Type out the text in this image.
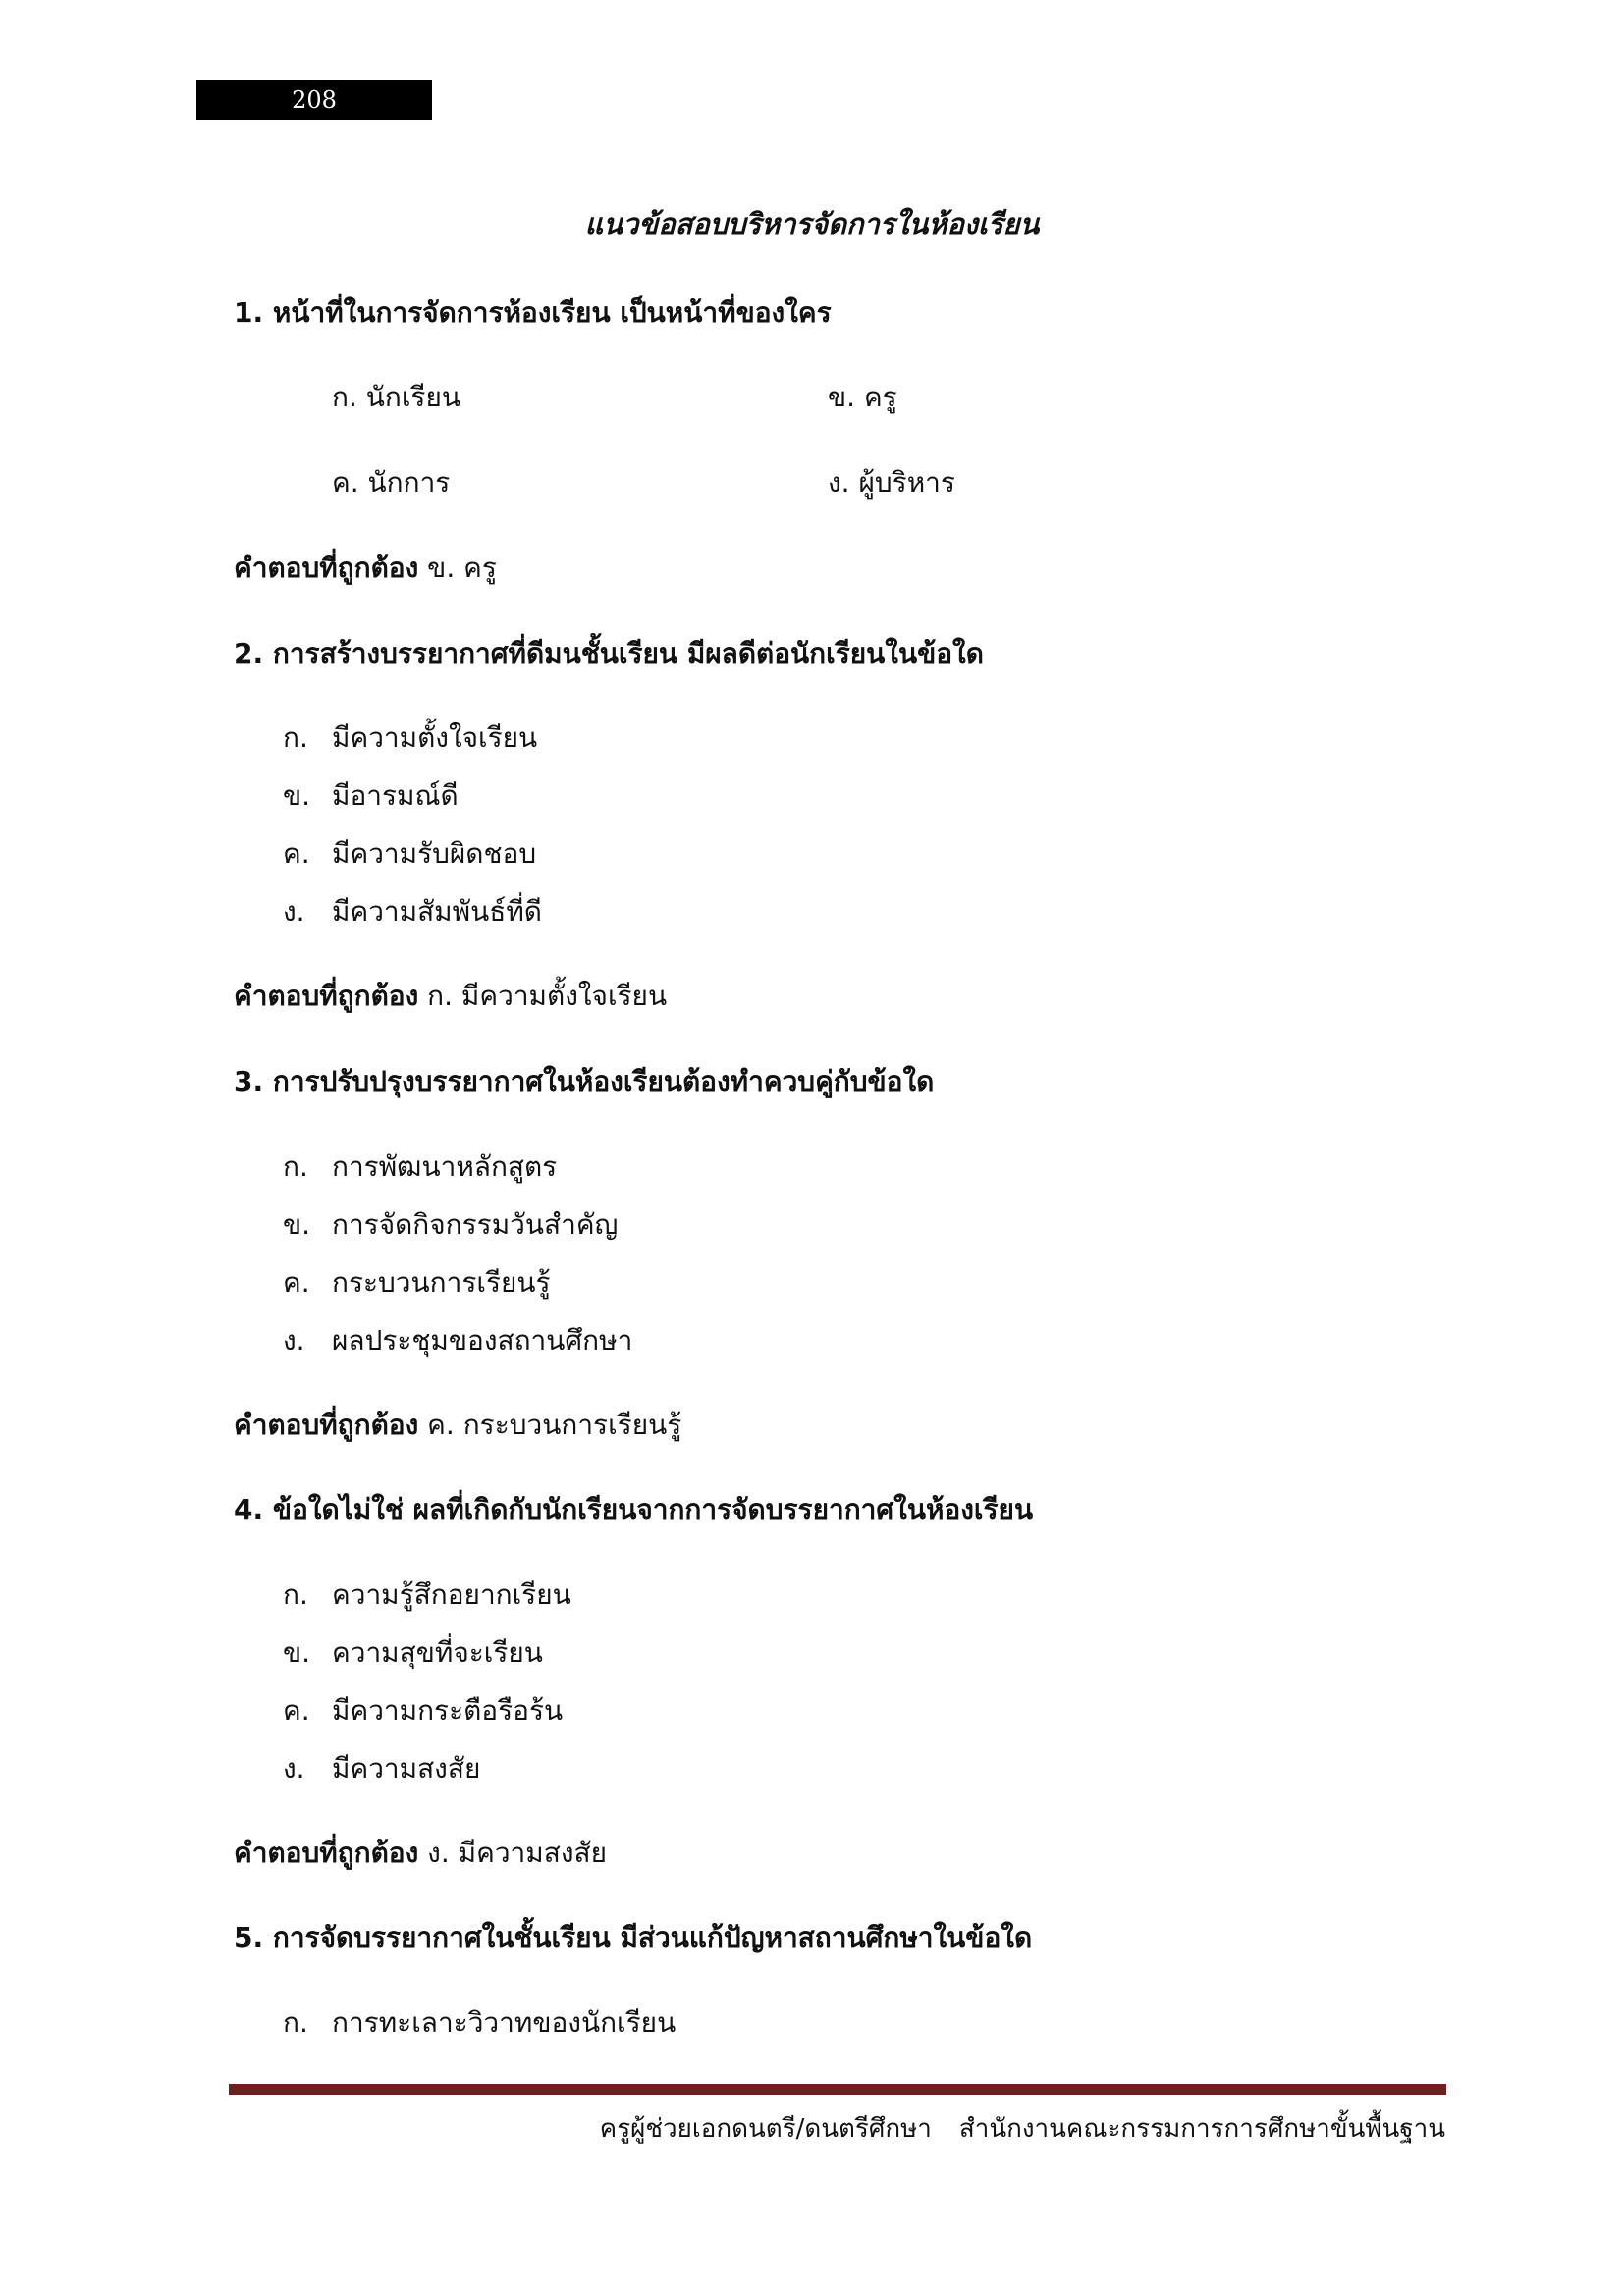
208
แนวข้อสอบบริหารจัดการในห้องเรียน
1. หน้าที่ในการจัดการห้องเรียน เป็นหน้าที่ของใคร
ก. นักเรียน	ข. ครู
ค. นักการ	ง. ผู้บริหาร
คำตอบที่ถูกต้อง ข. ครู
2. การสร้างบรรยากาศที่ดีมนชั้นเรียน มีผลดีต่อนักเรียนในข้อใด
ก. มีความตั้งใจเรียน
ข. มีอารมณ์ดี
ค. มีความรับผิดชอบ
ง. มีความสัมพันธ์ที่ดี
คำตอบที่ถูกต้อง ก. มีความตั้งใจเรียน
3. การปรับปรุงบรรยากาศในห้องเรียนต้องทำควบคู่กับข้อใด
ก. การพัฒนาหลักสูตร
ข. การจัดกิจกรรมวันสำคัญ
ค. กระบวนการเรียนรู้
ง. ผลประชุมของสถานศึกษา
คำตอบที่ถูกต้อง ค. กระบวนการเรียนรู้
4. ข้อใดไม่ใช่ ผลที่เกิดกับนักเรียนจากการจัดบรรยากาศในห้องเรียน
ก. ความรู้สึกอยากเรียน
ข. ความสุขที่จะเรียน
ค. มีความกระตือรือร้น
ง. มีความสงสัย
คำตอบที่ถูกต้อง ง. มีความสงสัย
5. การจัดบรรยากาศในชั้นเรียน มีส่วนแก้ปัญหาสถานศึกษาในข้อใด
ก. การทะเลาะวิวาทของนักเรียน
ครูผู้ช่วยเอกดนตรี/ดนตรีศึกษา สำนักงานคณะกรรมการการศึกษาขั้นพื้นฐาน
